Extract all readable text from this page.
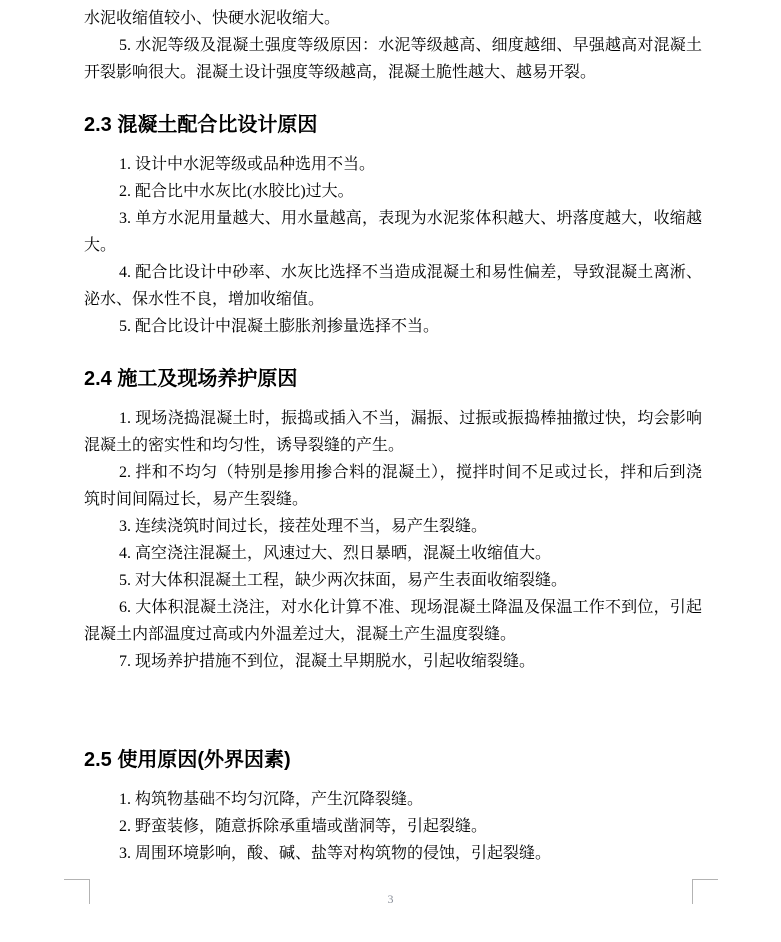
水泥收缩值较小、快硬水泥收缩大。

5. 水泥等级及混凝土强度等级原因：水泥等级越高、细度越细、早强越高对混凝土开裂影响很大。混凝土设计强度等级越高，混凝土脆性越大、越易开裂。

2.3 混凝土配合比设计原因

1. 设计中水泥等级或品种选用不当。

2. 配合比中水灰比(水胶比)过大。

3. 单方水泥用量越大、用水量越高，表现为水泥浆体积越大、坍落度越大，收缩越大。

4. 配合比设计中砂率、水灰比选择不当造成混凝土和易性偏差，导致混凝土离淅、泌水、保水性不良，增加收缩值。

5. 配合比设计中混凝土膨胀剂掺量选择不当。

2.4 施工及现场养护原因

1. 现场浇捣混凝土时，振捣或插入不当，漏振、过振或振捣棒抽撤过快，均会影响混凝土的密实性和均匀性，诱导裂缝的产生。

2. 拌和不均匀（特别是掺用掺合料的混凝土），搅拌时间不足或过长，拌和后到浇筑时间间隔过长，易产生裂缝。

3. 连续浇筑时间过长，接茬处理不当，易产生裂缝。

4. 高空浇注混凝土，风速过大、烈日暴晒，混凝土收缩值大。

5. 对大体积混凝土工程，缺少两次抹面，易产生表面收缩裂缝。

6. 大体积混凝土浇注，对水化计算不准、现场混凝土降温及保温工作不到位，引起混凝土内部温度过高或内外温差过大，混凝土产生温度裂缝。

7. 现场养护措施不到位，混凝土早期脱水，引起收缩裂缝。

2.5 使用原因(外界因素)

1. 构筑物基础不均匀沉降，产生沉降裂缝。

2. 野蛮装修，随意拆除承重墙或凿洞等，引起裂缝。

3. 周围环境影响，酸、碱、盐等对构筑物的侵蚀，引起裂缝。

3
